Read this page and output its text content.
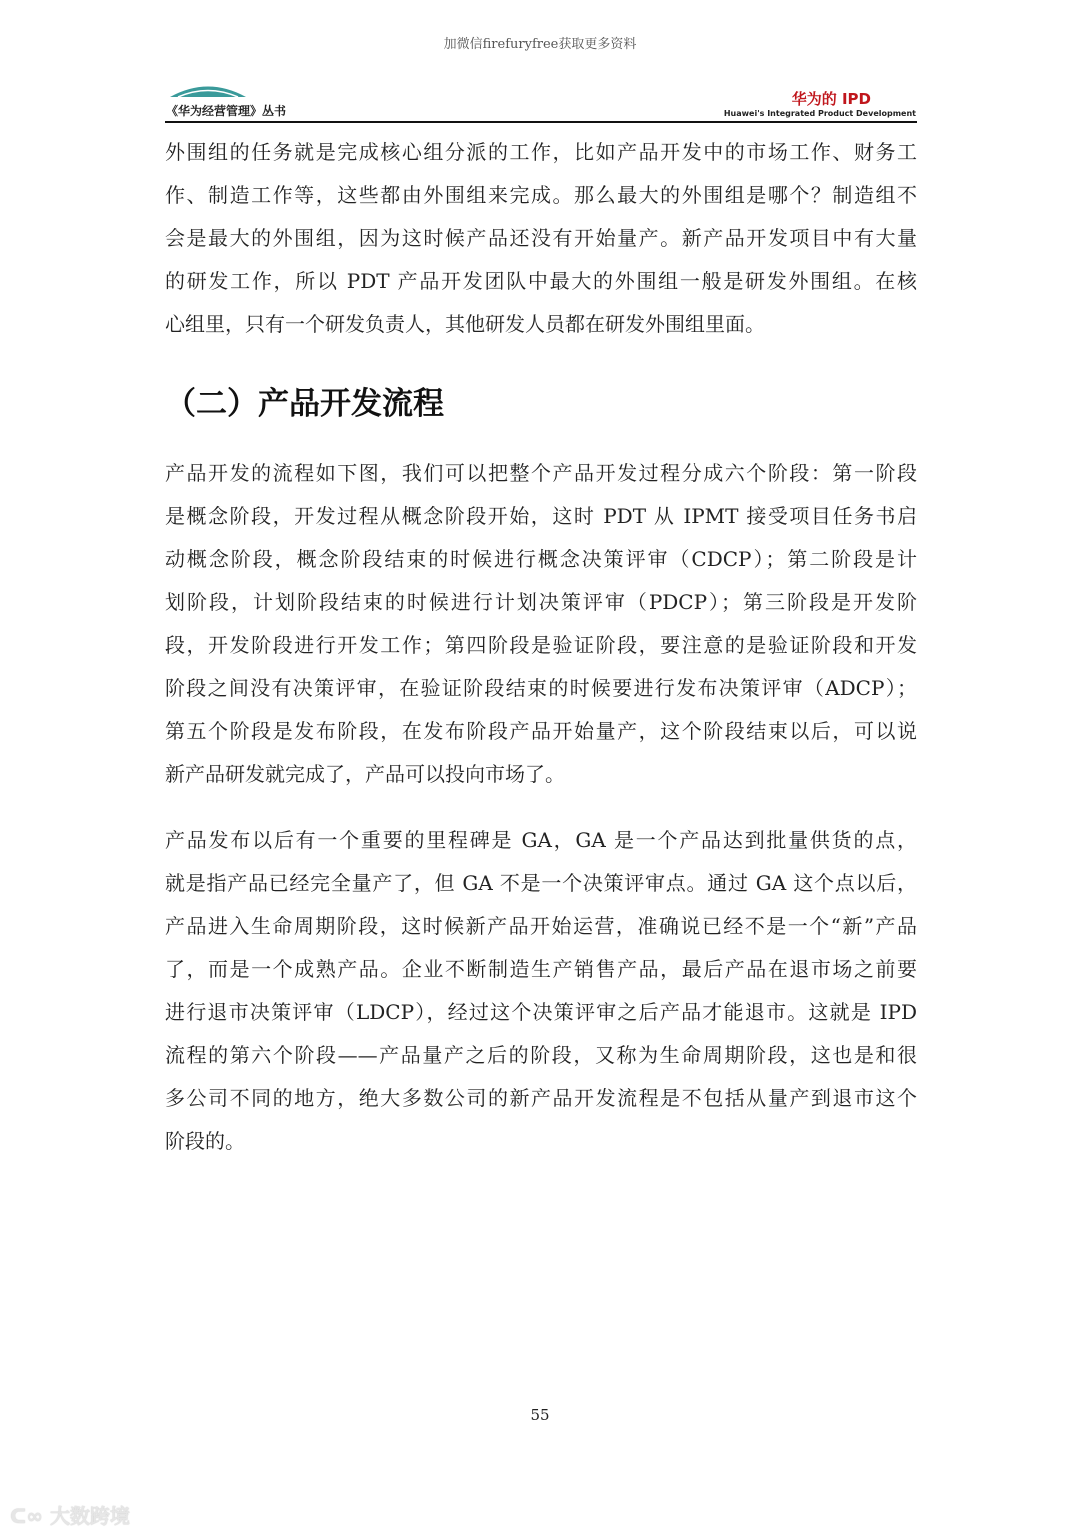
加微信firefuryfree获取更多资料
《华为经营管理》丛书
华为的 IPD
Huawei's Integrated Product Development
外围组的任务就是完成核心组分派的工作，比如产品开发中的市场工作、财务工
作、制造工作等，这些都由外围组来完成。那么最大的外围组是哪个？制造组不
会是最大的外围组，因为这时候产品还没有开始量产。新产品开发项目中有大量
的研发工作，所以 PDT 产品开发团队中最大的外围组一般是研发外围组。在核
心组里，只有一个研发负责人，其他研发人员都在研发外围组里面。
（二）产品开发流程
产品开发的流程如下图，我们可以把整个产品开发过程分成六个阶段：第一阶段
是概念阶段，开发过程从概念阶段开始，这时 PDT 从 IPMT 接受项目任务书启
动概念阶段，概念阶段结束的时候进行概念决策评审（CDCP）；第二阶段是计
划阶段，计划阶段结束的时候进行计划决策评审（PDCP）；第三阶段是开发阶
段，开发阶段进行开发工作；第四阶段是验证阶段，要注意的是验证阶段和开发
阶段之间没有决策评审，在验证阶段结束的时候要进行发布决策评审（ADCP）；
第五个阶段是发布阶段，在发布阶段产品开始量产，这个阶段结束以后，可以说
新产品研发就完成了，产品可以投向市场了。
产品发布以后有一个重要的里程碑是 GA，GA 是一个产品达到批量供货的点，
就是指产品已经完全量产了，但 GA 不是一个决策评审点。通过 GA 这个点以后，
产品进入生命周期阶段，这时候新产品开始运营，准确说已经不是一个“新”产品
了，而是一个成熟产品。企业不断制造生产销售产品，最后产品在退市场之前要
进行退市决策评审（LDCP），经过这个决策评审之后产品才能退市。这就是 IPD
流程的第六个阶段——产品量产之后的阶段，又称为生命周期阶段，这也是和很
多公司不同的地方，绝大多数公司的新产品开发流程是不包括从量产到退市这个
阶段的。
55
ᑕ∞ 大数跨境
